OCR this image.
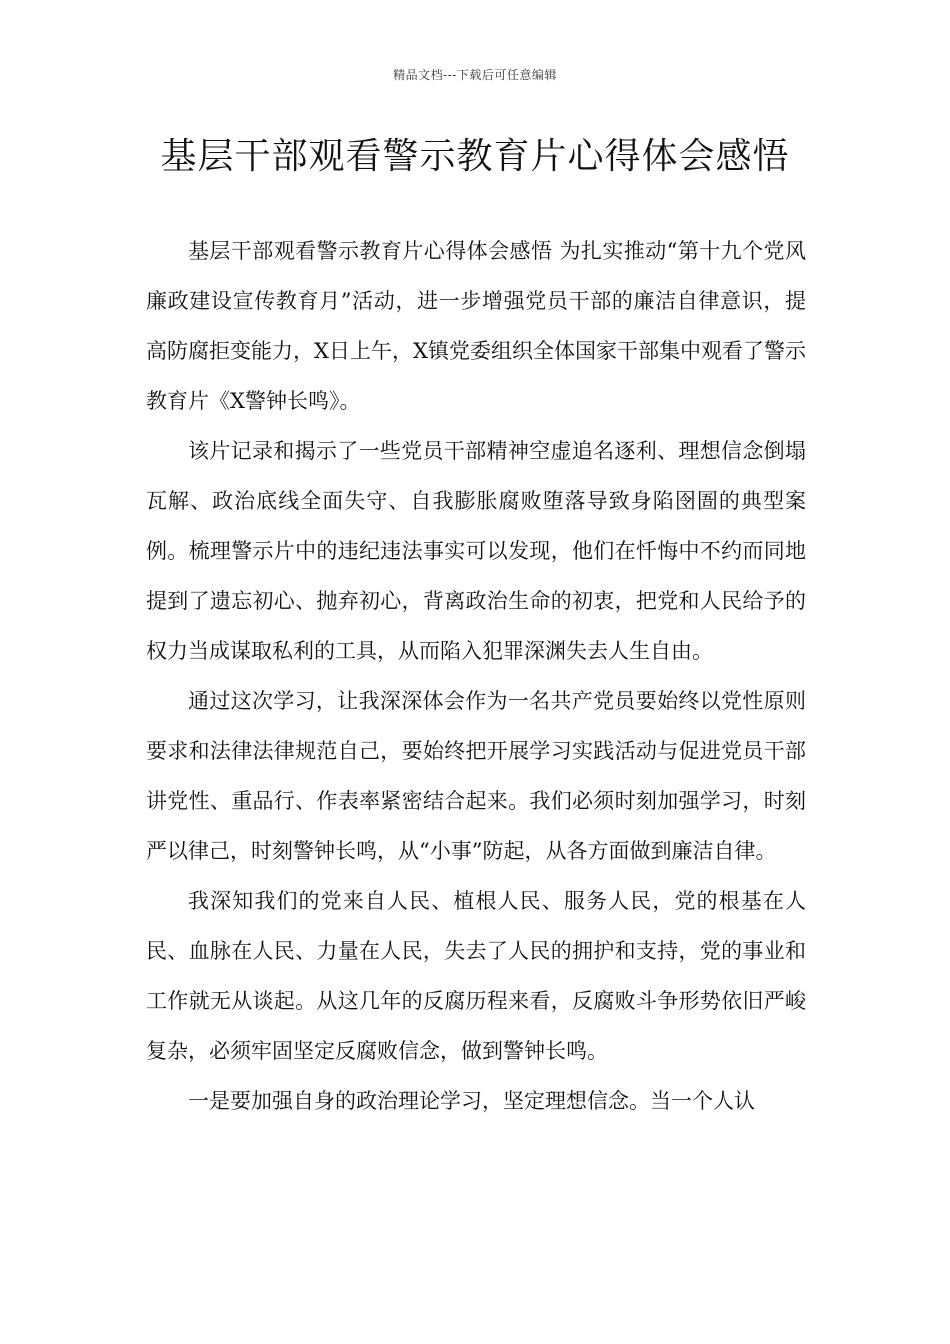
精品文档---下载后可任意编辑
基层干部观看警示教育片心得体会感悟

基层干部观看警示教育片心得体会感悟 为扎实推动“第十九个党风廉政建设宣传教育月”活动，进一步增强党员干部的廉洁自律意识，提高防腐拒变能力，X日上午，X镇党委组织全体国家干部集中观看了警示教育片《X警钟长鸣》。

该片记录和揭示了一些党员干部精神空虚追名逐利、理想信念倒塌瓦解、政治底线全面失守、自我膨胀腐败堕落导致身陷囹圄的典型案例。梳理警示片中的违纪违法事实可以发现，他们在忏悔中不约而同地提到了遗忘初心、抛弃初心，背离政治生命的初衷，把党和人民给予的权力当成谋取私利的工具，从而陷入犯罪深渊失去人生自由。

通过这次学习，让我深深体会作为一名共产党员要始终以党性原则要求和法律法律规范自己，要始终把开展学习实践活动与促进党员干部讲党性、重品行、作表率紧密结合起来。我们必须时刻加强学习，时刻严以律己，时刻警钟长鸣，从“小事”防起，从各方面做到廉洁自律。

我深知我们的党来自人民、植根人民、服务人民，党的根基在人民、血脉在人民、力量在人民，失去了人民的拥护和支持，党的事业和工作就无从谈起。从这几年的反腐历程来看，反腐败斗争形势依旧严峻复杂，必须牢固坚定反腐败信念，做到警钟长鸣。

一是要加强自身的政治理论学习，坚定理想信念。当一个人认
